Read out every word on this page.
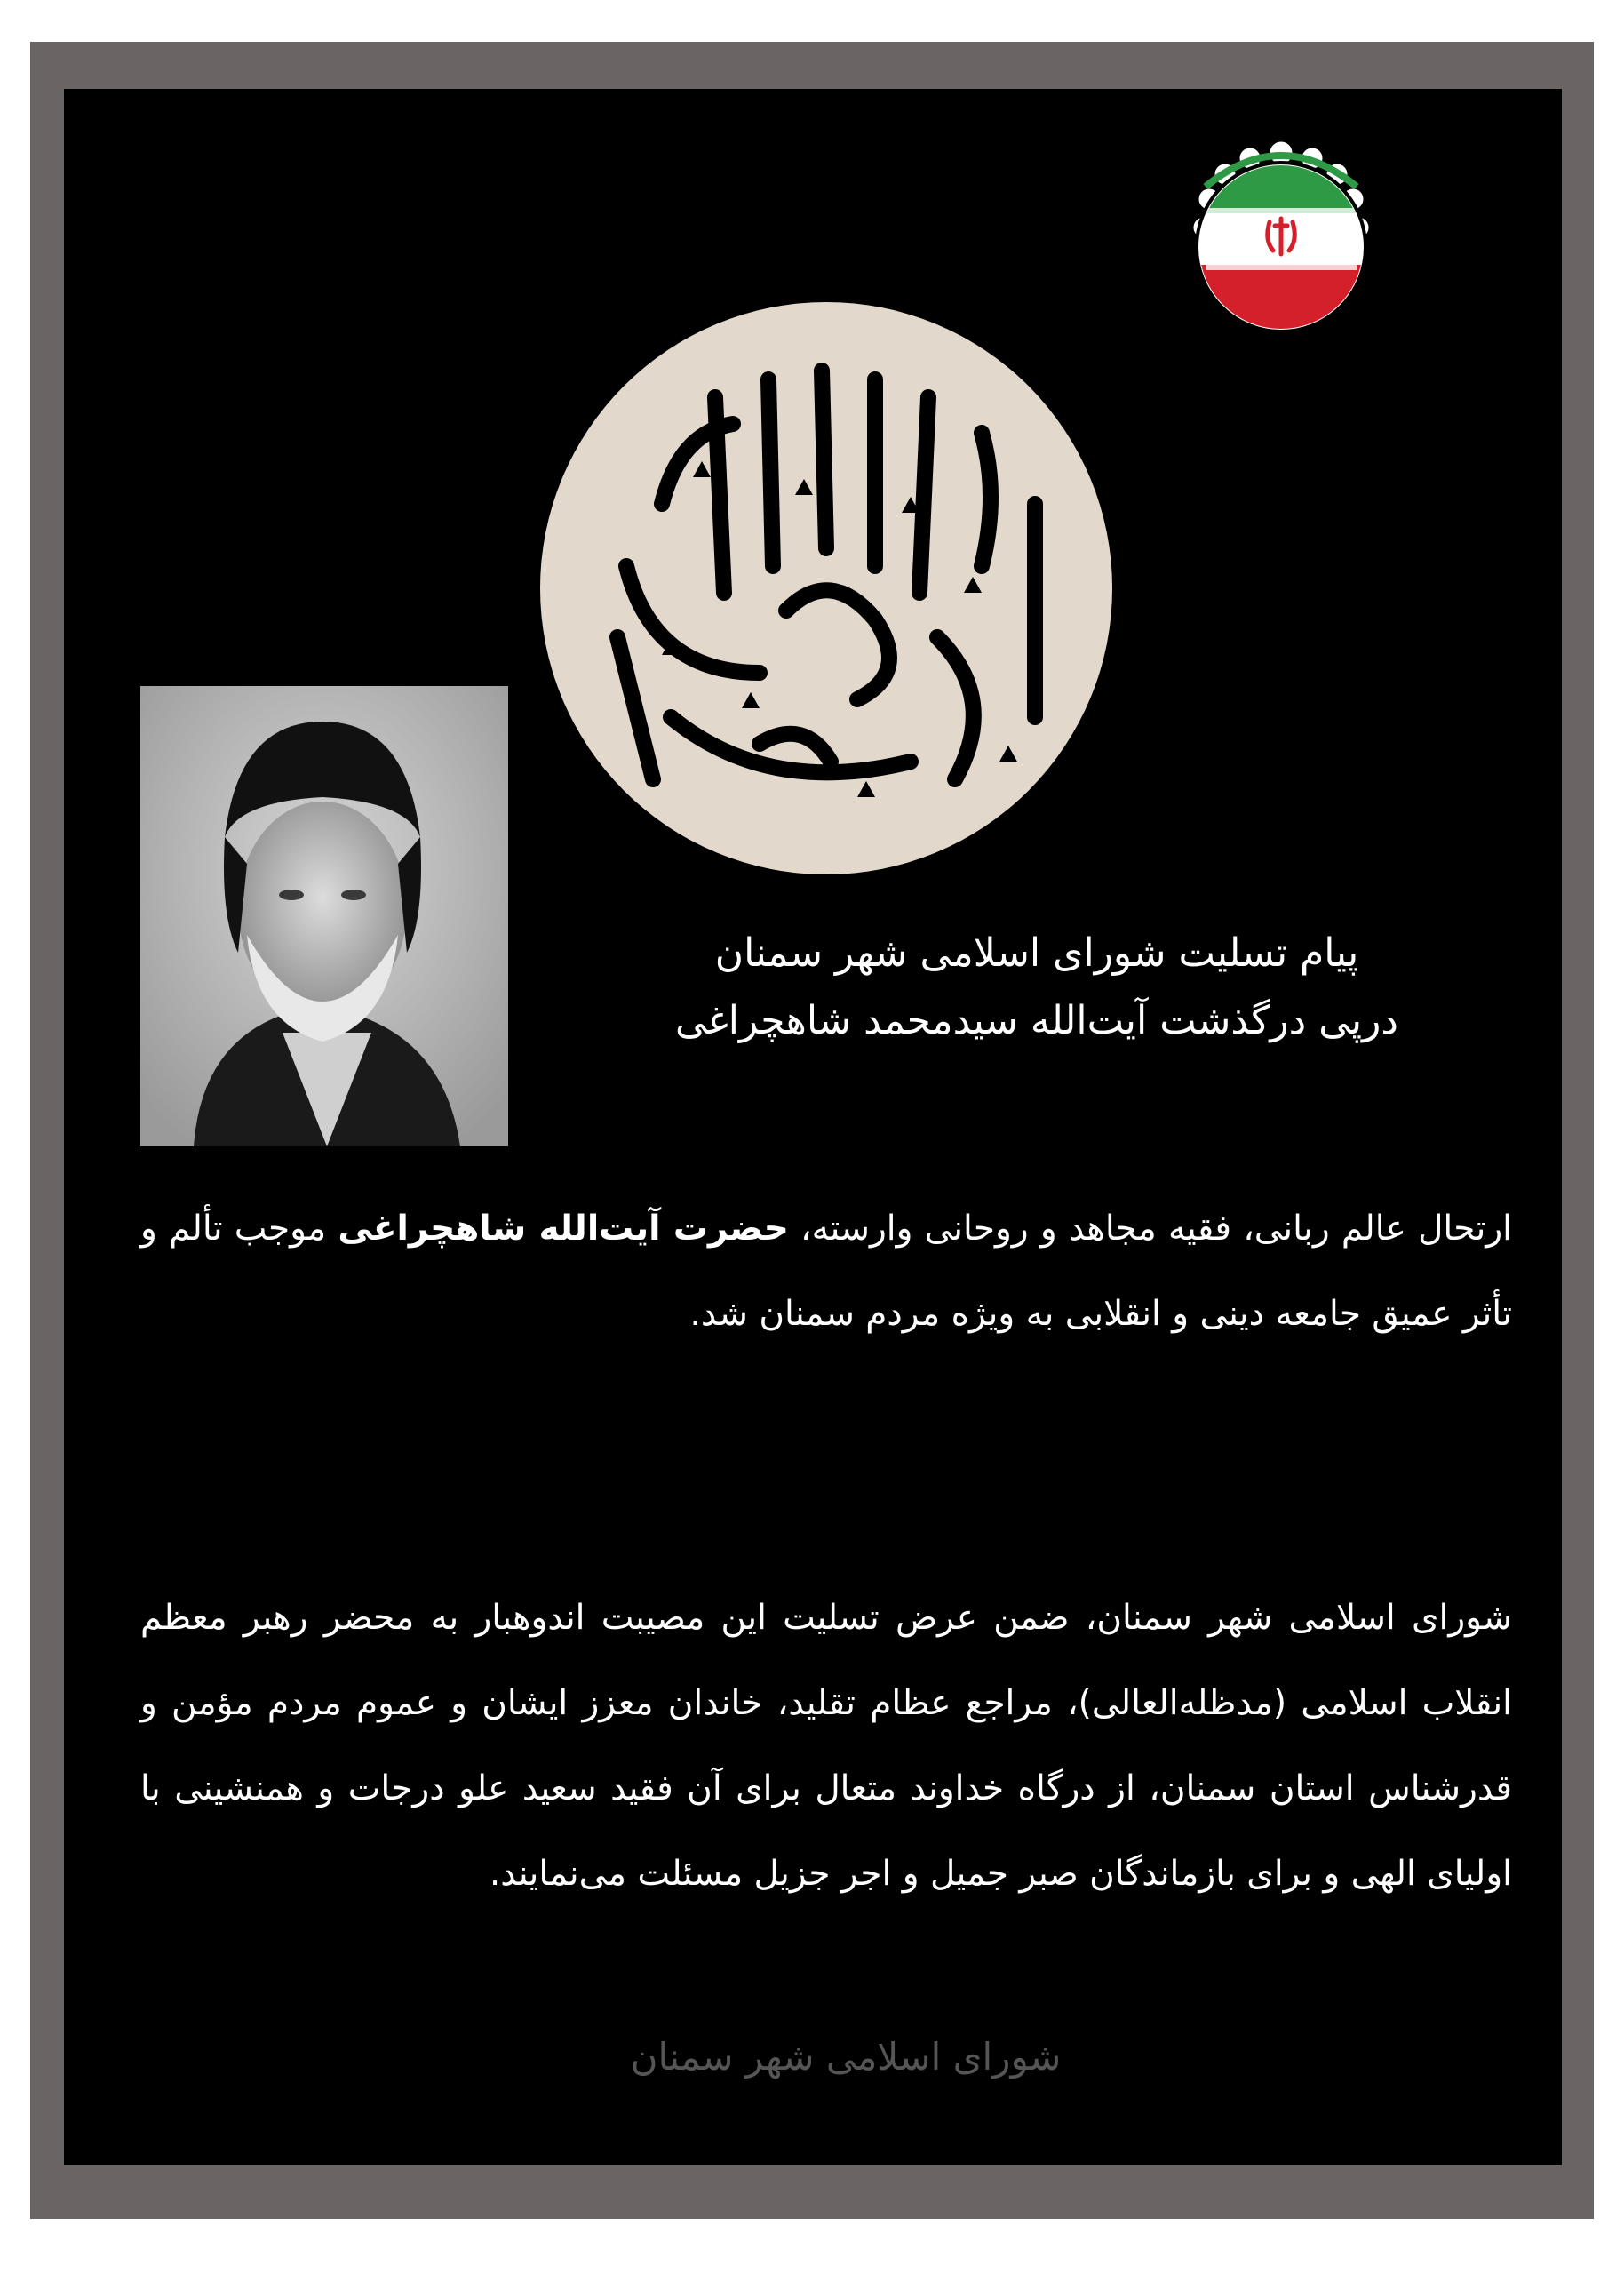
پیام تسلیت شورای اسلامی شهر سمنان
درپی درگذشت آیت‌الله سیدمحمد شاهچراغی
ارتحال عالم ربانی، فقیه مجاهد و روحانی وارسته، حضرت آیت‌الله شاهچراغی موجب تألم و تأثر عمیق جامعه دینی و انقلابی به ویژه مردم سمنان شد.
شورای اسلامی شهر سمنان، ضمن عرض تسلیت این مصیبت اندوهبار به محضر رهبر معظم انقلاب اسلامی (مدظله‌العالی)، مراجع عظام تقلید، خاندان معزز ایشان و عموم مردم مؤمن و قدرشناس استان سمنان، از درگاه خداوند متعال برای آن فقید سعید علو درجات و همنشینی با اولیای الهی و برای بازماندگان صبر جمیل و اجر جزیل مسئلت می‌نمایند.
شورای اسلامی شهر سمنان
